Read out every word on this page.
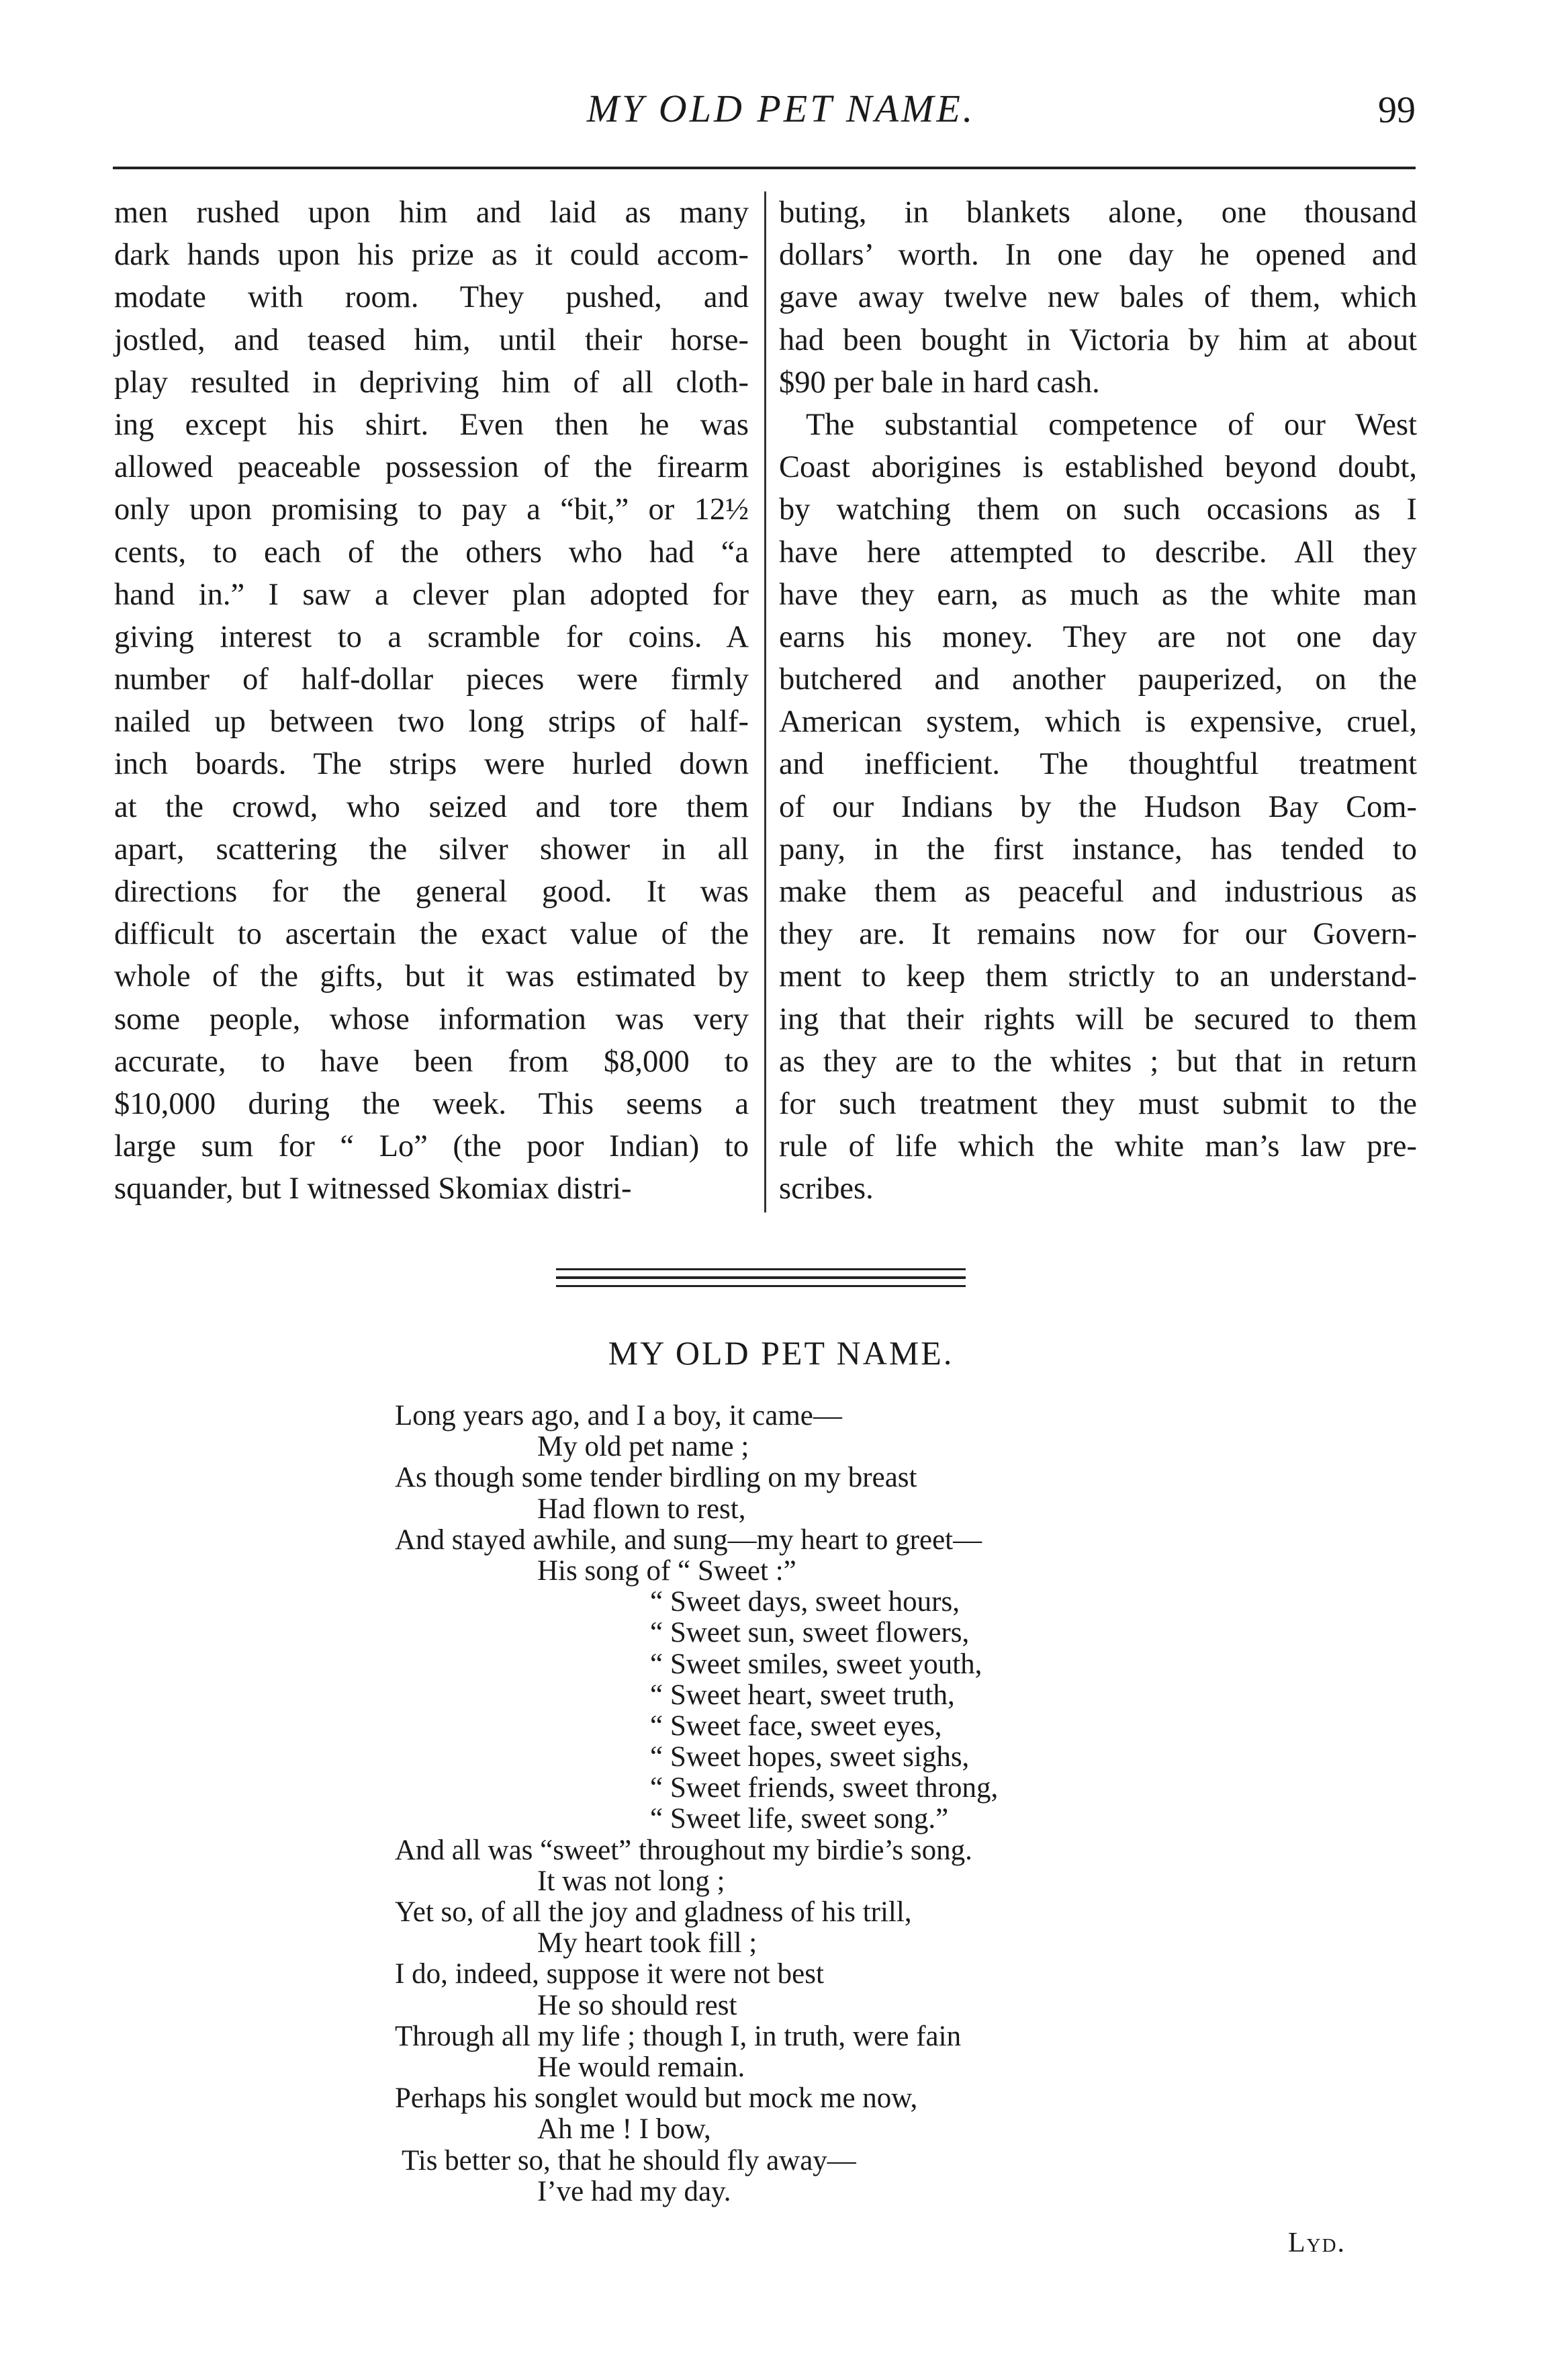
MY OLD PET NAME.	99
men rushed upon him and laid as many
dark hands upon his prize as it could accom-
modate with room. They pushed, and
jostled, and teased him, until their horse-
play resulted in depriving him of all cloth-
ing except his shirt. Even then he was
allowed peaceable possession of the firearm
only upon promising to pay a “bit,” or 12½
cents, to each of the others who had “a
hand in.” I saw a clever plan adopted for
giving interest to a scramble for coins. A
number of half-dollar pieces were firmly
nailed up between two long strips of half-
inch boards. The strips were hurled down
at the crowd, who seized and tore them
apart, scattering the silver shower in all
directions for the general good. It was
difficult to ascertain the exact value of the
whole of the gifts, but it was estimated by
some people, whose information was very
accurate, to have been from $8,000 to
$10,000 during the week. This seems a
large sum for “ Lo” (the poor Indian) to
squander, but I witnessed Skomiax distri-
buting, in blankets alone, one thousand
dollars’ worth. In one day he opened and
gave away twelve new bales of them, which
had been bought in Victoria by him at about
$90 per bale in hard cash.
The substantial competence of our West
Coast aborigines is established beyond doubt,
by watching them on such occasions as I
have here attempted to describe. All they
have they earn, as much as the white man
earns his money. They are not one day
butchered and another pauperized, on the
American system, which is expensive, cruel,
and inefficient. The thoughtful treatment
of our Indians by the Hudson Bay Com-
pany, in the first instance, has tended to
make them as peaceful and industrious as
they are. It remains now for our Govern-
ment to keep them strictly to an understand-
ing that their rights will be secured to them
as they are to the whites ; but that in return
for such treatment they must submit to the
rule of life which the white man’s law pre-
scribes.
MY OLD PET NAME.
Long years ago, and I a boy, it came—
My old pet name ;
As though some tender birdling on my breast
Had flown to rest,
And stayed awhile, and sung—my heart to greet—
His song of “ Sweet :”
“ Sweet days, sweet hours,
“ Sweet sun, sweet flowers,
“ Sweet smiles, sweet youth,
“ Sweet heart, sweet truth,
“ Sweet face, sweet eyes,
“ Sweet hopes, sweet sighs,
“ Sweet friends, sweet throng,
“ Sweet life, sweet song.”
And all was “sweet” throughout my birdie’s song.
It was not long ;
Yet so, of all the joy and gladness of his trill,
My heart took fill ;
I do, indeed, suppose it were not best
He so should rest
Through all my life ; though I, in truth, were fain
He would remain.
Perhaps his songlet would but mock me now,
Ah me ! I bow,
Tis better so, that he should fly away—
I’ve had my day.
Lyd.
